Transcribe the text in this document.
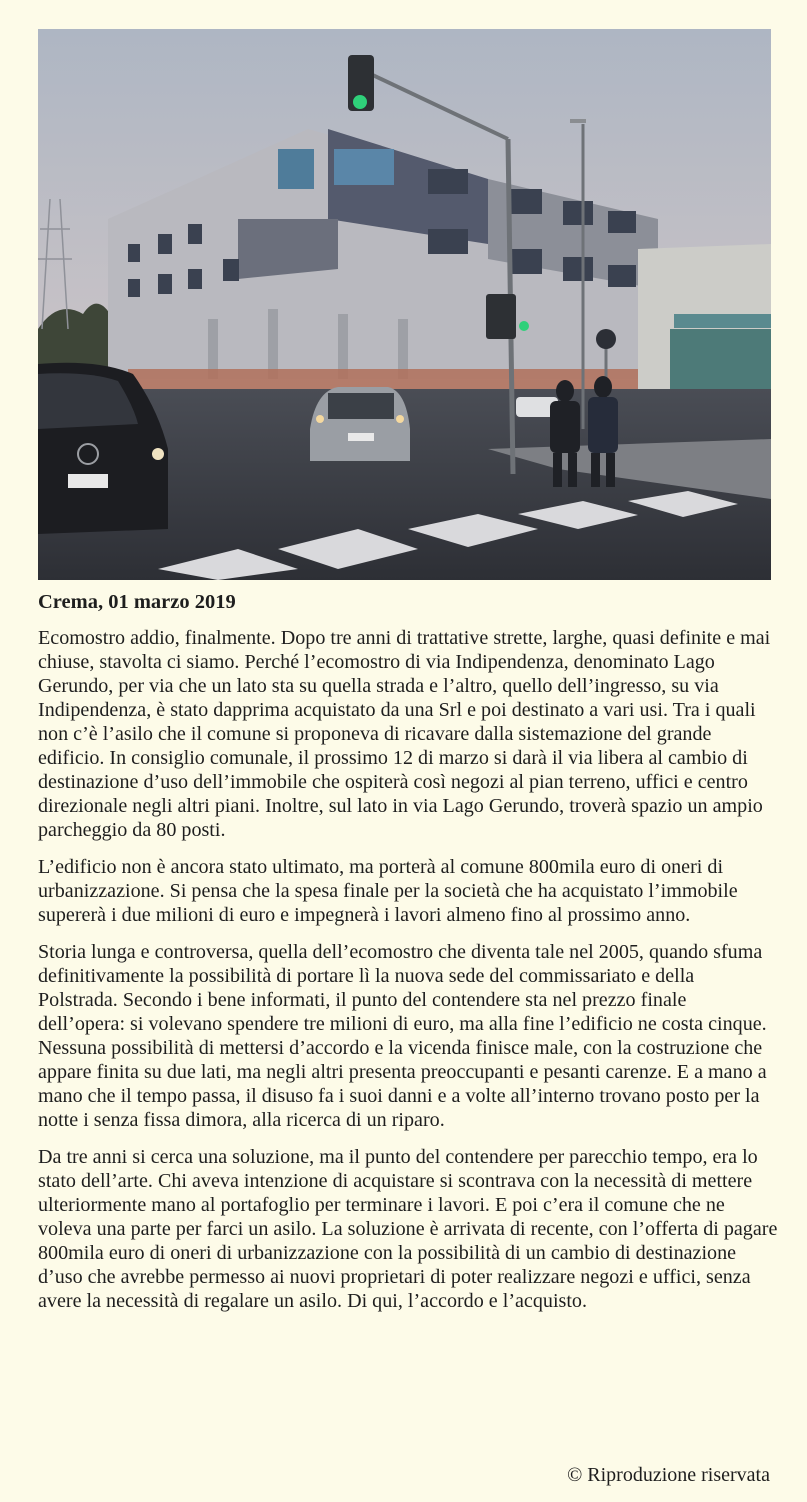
Crema, 01 marzo 2019

Ecomostro addio, finalmente. Dopo tre anni di trattative strette, larghe, quasi definite e mai chiuse, stavolta ci siamo. Perché l’ecomostro di via Indipendenza, denominato Lago Gerundo, per via che un lato sta su quella strada e l’altro, quello dell’ingresso, su via Indipendenza, è stato dapprima acquistato da una Srl e poi destinato a vari usi. Tra i quali non c’è l’asilo che il comune si proponeva di ricavare dalla sistemazione del grande edificio. In consiglio comunale, il prossimo 12 di marzo si darà il via libera al cambio di destinazione d’uso dell’immobile che ospiterà così negozi al pian terreno, uffici e centro direzionale negli altri piani. Inoltre, sul lato in via Lago Gerundo, troverà spazio un ampio parcheggio da 80 posti.

L’edificio non è ancora stato ultimato, ma porterà al comune 800mila euro di oneri di urbanizzazione. Si pensa che la spesa finale per la società che ha acquistato l’immobile supererà i due milioni di euro e impegnerà i lavori almeno fino al prossimo anno.

Storia lunga e controversa, quella dell’ecomostro che diventa tale nel 2005, quando sfuma definitivamente la possibilità di portare lì la nuova sede del commissariato e della Polstrada. Secondo i bene informati, il punto del contendere sta nel prezzo finale dell’opera: si volevano spendere tre milioni di euro, ma alla fine l’edificio ne costa cinque. Nessuna possibilità di mettersi d’accordo e la vicenda finisce male, con la costruzione che appare finita su due lati, ma negli altri presenta preoccupanti e pesanti carenze. E a mano a mano che il tempo passa, il disuso fa i suoi danni e a volte all’interno trovano posto per la notte i senza fissa dimora, alla ricerca di un riparo.

Da tre anni si cerca una soluzione, ma il punto del contendere per parecchio tempo, era lo stato dell’arte. Chi aveva intenzione di acquistare si scontrava con la necessità di mettere ulteriormente mano al portafoglio per terminare i lavori. E poi c’era il comune che ne voleva una parte per farci un asilo. La soluzione è arrivata di recente, con l’offerta di pagare 800mila euro di oneri di urbanizzazione con la possibilità di un cambio di destinazione d’uso che avrebbe permesso ai nuovi proprietari di poter realizzare negozi e uffici, senza avere la necessità di regalare un asilo. Di qui, l’accordo e l’acquisto.

© Riproduzione riservata
